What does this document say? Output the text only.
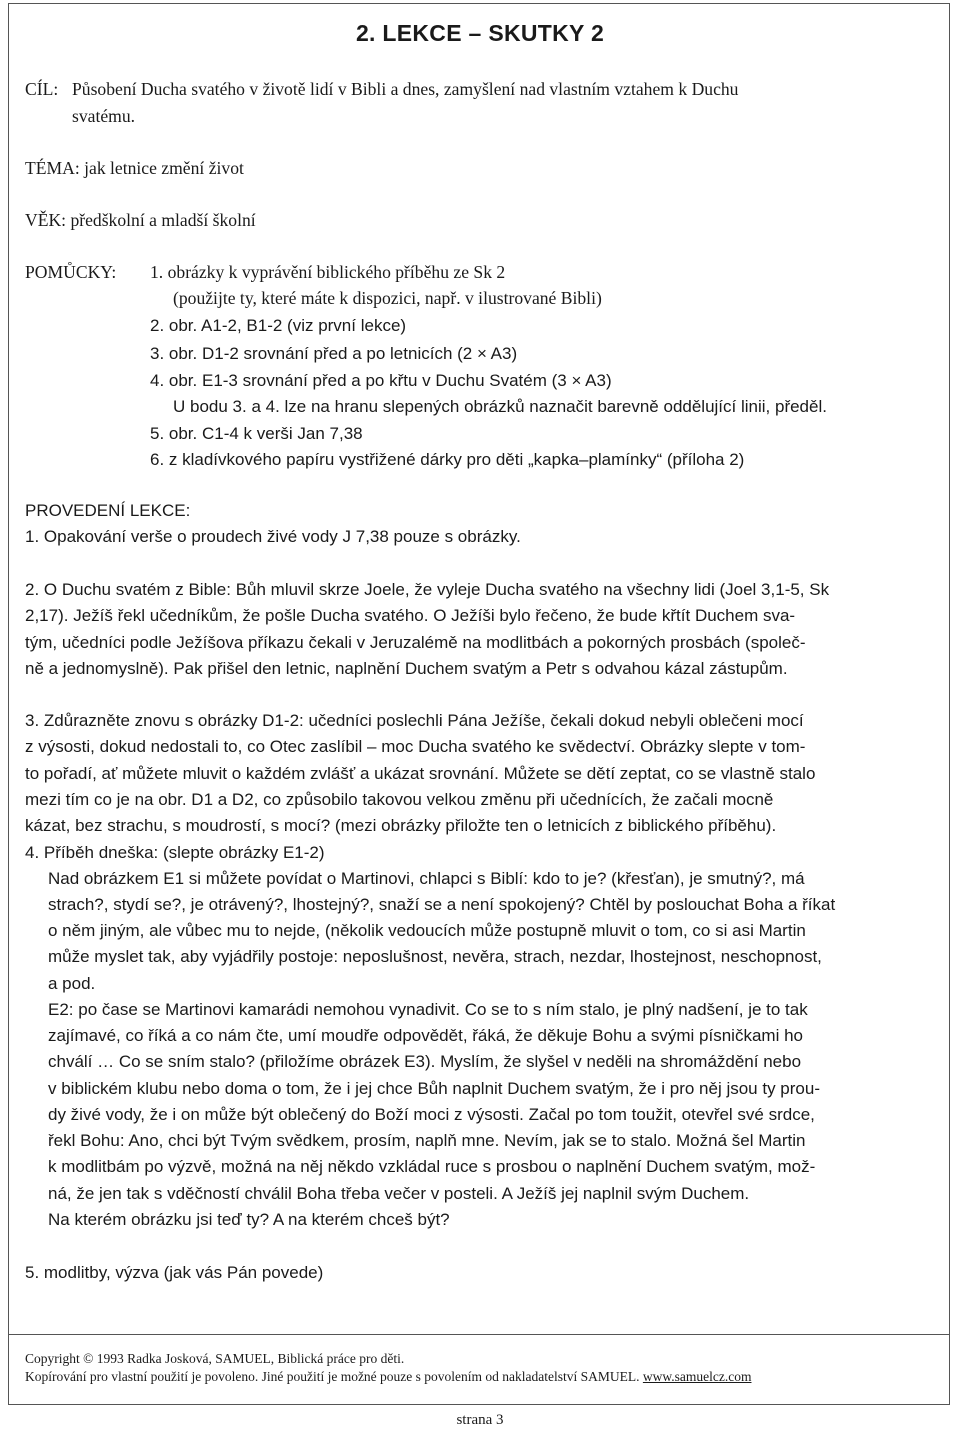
2. LEKCE – SKUTKY 2
CÍL: Působení Ducha svatého v životě lidí v Bibli a dnes, zamyšlení nad vlastním vztahem k Duchu
svatému.
TÉMA: jak letnice změní život
VĚK: předškolní a mladší školní
POMŮCKY: 1. obrázky k vyprávění biblického příběhu ze Sk 2
(použijte ty, které máte k dispozici, např. v ilustrované Bibli)
2. obr. A1-2, B1-2 (viz první lekce)
3. obr. D1-2 srovnání před a po letnicích (2 × A3)
4. obr. E1-3 srovnání před a po křtu v Duchu Svatém (3 × A3)
U bodu 3. a 4. lze na hranu slepených obrázků naznačit barevně oddělující linii, předěl.
5. obr. C1-4 k verši Jan 7,38
6. z kladívkového papíru vystřižené dárky pro děti „kapka–plamínky“ (příloha 2)
PROVEDENÍ LEKCE:
1. Opakování verše o proudech živé vody J 7,38 pouze s obrázky.
2. O Duchu svatém z Bible: Bůh mluvil skrze Joele, že vyleje Ducha svatého na všechny lidi (Joel 3,1-5, Sk
2,17). Ježíš řekl učedníkům, že pošle Ducha svatého. O Ježíši bylo řečeno, že bude křtít Duchem sva-
tým, učedníci podle Ježíšova příkazu čekali v Jeruzalémě na modlitbách a pokorných prosbách (společ-
ně a jednomyslně). Pak přišel den letnic, naplnění Duchem svatým a Petr s odvahou kázal zástupům.
3. Zdůrazněte znovu s obrázky D1-2: učedníci poslechli Pána Ježíše, čekali dokud nebyli oblečeni mocí
z výsosti, dokud nedostali to, co Otec zaslíbil – moc Ducha svatého ke svědectví. Obrázky slepte v tom-
to pořadí, ať můžete mluvit o každém zvlášť a ukázat srovnání. Můžete se dětí zeptat, co se vlastně stalo
mezi tím co je na obr. D1 a D2, co způsobilo takovou velkou změnu při učednících, že začali mocně
kázat, bez strachu, s moudrostí, s mocí? (mezi obrázky přiložte ten o letnicích z biblického příběhu).
4. Příběh dneška: (slepte obrázky E1-2)
Nad obrázkem E1 si můžete povídat o Martinovi, chlapci s Biblí: kdo to je? (křesťan), je smutný?, má
strach?, stydí se?, je otrávený?, lhostejný?, snaží se a není spokojený? Chtěl by poslouchat Boha a říkat
o něm jiným, ale vůbec mu to nejde, (několik vedoucích může postupně mluvit o tom, co si asi Martin
může myslet tak, aby vyjádřily postoje: neposlušnost, nevěra, strach, nezdar, lhostejnost, neschopnost,
a pod.
E2: po čase se Martinovi kamarádi nemohou vynadivit. Co se to s ním stalo, je plný nadšení, je to tak
zajímavé, co říká a co nám čte, umí moudře odpovědět, řáká, že děkuje Bohu a svými písničkami ho
chválí … Co se sním stalo? (přiložíme obrázek E3). Myslím, že slyšel v neděli na shromáždění nebo
v biblickém klubu nebo doma o tom, že i jej chce Bůh naplnit Duchem svatým, že i pro něj jsou ty prou-
dy živé vody, že i on může být oblečený do Boží moci z výsosti. Začal po tom toužit, otevřel své srdce,
řekl Bohu: Ano, chci být Tvým svědkem, prosím, naplň mne. Nevím, jak se to stalo. Možná šel Martin
k modlitbám po výzvě, možná na něj někdo vzkládal ruce s prosbou o naplnění Duchem svatým, mož-
ná, že jen tak s vděčností chválil Boha třeba večer v posteli. A Ježíš jej naplnil svým Duchem.
Na kterém obrázku jsi teď ty? A na kterém chceš být?
5. modlitby, výzva (jak vás Pán povede)
Copyright © 1993 Radka Josková, SAMUEL, Biblická práce pro děti.
Kopírování pro vlastní použití je povoleno. Jiné použití je možné pouze s povolením od nakladatelství SAMUEL. www.samuelcz.com
strana 3
